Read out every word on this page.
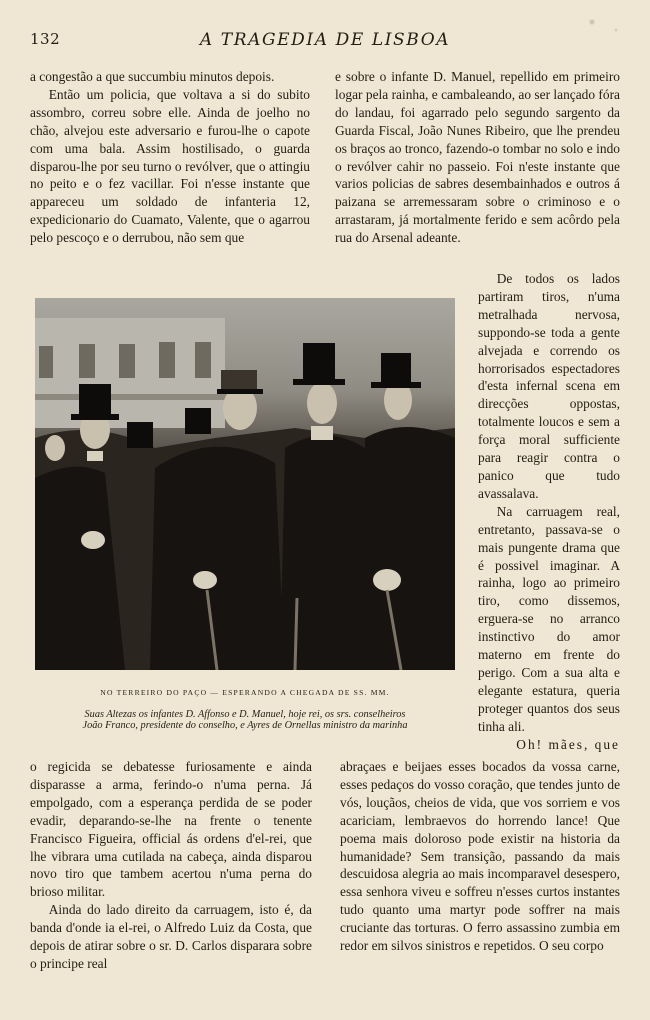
132	A TRAGEDIA DE LISBOA

a congestão a que succumbiu minutos depois.

Então um policia, que voltava a si do subito assombro, correu sobre elle. Ainda de joelho no chão, alvejou este adversario e furou-lhe o capote com uma bala. Assim hostilisado, o guarda disparou-lhe por seu turno o revólver, que o attingiu no peito e o fez vacillar. Foi n'esse instante que appareceu um soldado de infanteria 12, expedicionario do Cuamato, Valente, que o agarrou pelo pescoço e o derrubou, não sem que

e sobre o infante D. Manuel, repellido em primeiro logar pela rainha, e cambaleando, ao ser lançado fóra do landau, foi agarrado pelo segundo sargento da Guarda Fiscal, João Nunes Ribeiro, que lhe prendeu os braços ao tronco, fazendo-o tombar no solo e indo o revólver cahir no passeio. Foi n'este instante que varios policias de sabres desembainhados e outros á paizana se arremessaram sobre o criminoso e o arrastaram, já mortalmente ferido e sem acôrdo pela rua do Arsenal adeante.

NO TERREIRO DO PAÇO — ESPERANDO A CHEGADA DE SS. MM.
Suas Altezas os infantes D. Affonso e D. Manuel, hoje rei, os srs. conselheiros
João Franco, presidente do conselho, e Ayres de Ornellas ministro da marinha

De todos os lados partiram tiros, n'uma metralhada nervosa, suppondo-se toda a gente alvejada e correndo os horrorisados espectadores d'esta infernal scena em direcções oppostas, totalmente loucos e sem a força moral sufficiente para reagir contra o panico que tudo avassalava.

Na carruagem real, entretanto, passava-se o mais pungente drama que é possivel imaginar. A rainha, logo ao primeiro tiro, como dissemos, erguera-se no arranco instinctivo do amor materno em frente do perigo. Com a sua alta e elegante estatura, queria proteger quantos dos seus tinha ali.

Oh! mães, que

o regicida se debatesse furiosamente e ainda disparasse a arma, ferindo-o n'uma perna. Já empolgado, com a esperança perdida de se poder evadir, deparando-se-lhe na frente o tenente Francisco Figueira, official ás ordens d'el-rei, que lhe vibrara uma cutilada na cabeça, ainda disparou novo tiro que tambem acertou n'uma perna do brioso militar.

Ainda do lado direito da carruagem, isto é, da banda d'onde ia el-rei, o Alfredo Luiz da Costa, que depois de atirar sobre o sr. D. Carlos disparara sobre o principe real

abraçaes e beijaes esses bocados da vossa carne, esses pedaços do vosso coração, que tendes junto de vós, louçãos, cheios de vida, que vos sorriem e vos acariciam, lembraevos do horrendo lance! Que poema mais doloroso pode existir na historia da humanidade? Sem transição, passando da mais descuidosa alegria ao mais incomparavel desespero, essa senhora viveu e soffreu n'esses curtos instantes tudo quanto uma martyr pode soffrer na mais cruciante das torturas. O ferro assassino zumbia em redor em silvos sinistros e repetidos. O seu corpo
